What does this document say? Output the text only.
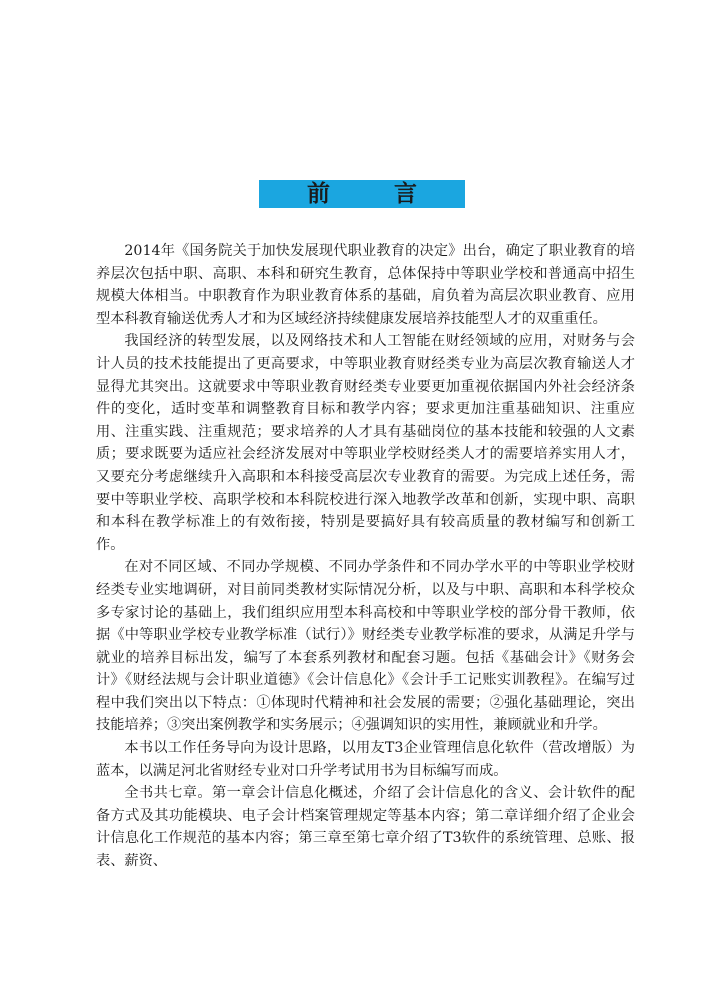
前 言

2014年《国务院关于加快发展现代职业教育的决定》出台，确定了职业教育的培养层次包括中职、高职、本科和研究生教育，总体保持中等职业学校和普通高中招生规模大体相当。中职教育作为职业教育体系的基础，肩负着为高层次职业教育、应用型本科教育输送优秀人才和为区域经济持续健康发展培养技能型人才的双重重任。

我国经济的转型发展，以及网络技术和人工智能在财经领域的应用，对财务与会计人员的技术技能提出了更高要求，中等职业教育财经类专业为高层次教育输送人才显得尤其突出。这就要求中等职业教育财经类专业要更加重视依据国内外社会经济条件的变化，适时变革和调整教育目标和教学内容；要求更加注重基础知识、注重应用、注重实践、注重规范；要求培养的人才具有基础岗位的基本技能和较强的人文素质；要求既要为适应社会经济发展对中等职业学校财经类人才的需要培养实用人才，又要充分考虑继续升入高职和本科接受高层次专业教育的需要。为完成上述任务，需要中等职业学校、高职学校和本科院校进行深入地教学改革和创新，实现中职、高职和本科在教学标准上的有效衔接，特别是要搞好具有较高质量的教材编写和创新工作。

在对不同区域、不同办学规模、不同办学条件和不同办学水平的中等职业学校财经类专业实地调研，对目前同类教材实际情况分析，以及与中职、高职和本科学校众多专家讨论的基础上，我们组织应用型本科高校和中等职业学校的部分骨干教师，依据《中等职业学校专业教学标准（试行）》财经类专业教学标准的要求，从满足升学与就业的培养目标出发，编写了本套系列教材和配套习题。包括《基础会计》《财务会计》《财经法规与会计职业道德》《会计信息化》《会计手工记账实训教程》。在编写过程中我们突出以下特点：①体现时代精神和社会发展的需要；②强化基础理论，突出技能培养；③突出案例教学和实务展示；④强调知识的实用性，兼顾就业和升学。

本书以工作任务导向为设计思路，以用友T3企业管理信息化软件（营改增版）为蓝本，以满足河北省财经专业对口升学考试用书为目标编写而成。

全书共七章。第一章会计信息化概述，介绍了会计信息化的含义、会计软件的配备方式及其功能模块、电子会计档案管理规定等基本内容；第二章详细介绍了企业会计信息化工作规范的基本内容；第三章至第七章介绍了T3软件的系统管理、总账、报表、薪资、
